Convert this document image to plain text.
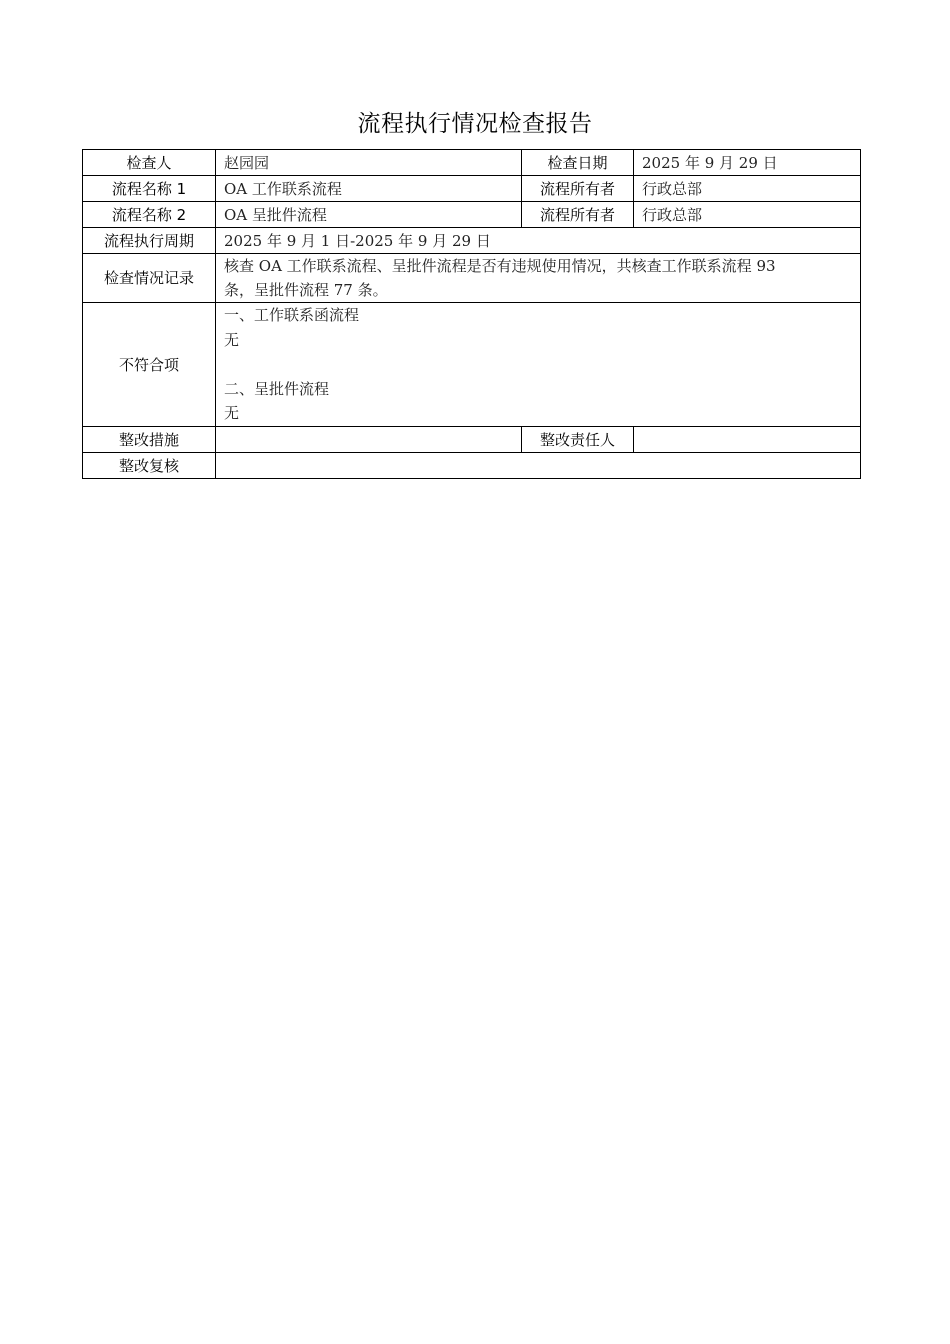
流程执行情况检查报告
检查人	赵园园	检查日期	2025 年 9 月 29 日
流程名称 1	OA 工作联系流程	流程所有者	行政总部
流程名称 2	OA 呈批件流程	流程所有者	行政总部
流程执行周期	2025 年 9 月 1 日-2025 年 9 月 29 日		
检查情况记录	核查 OA 工作联系流程、呈批件流程是否有违规使用情况，共核查工作联系流程 93
条，呈批件流程 77 条。		

不符合项	一、工作联系函流程
无
二、呈批件流程
无		

整改措施		整改责任人	
整改复核			
